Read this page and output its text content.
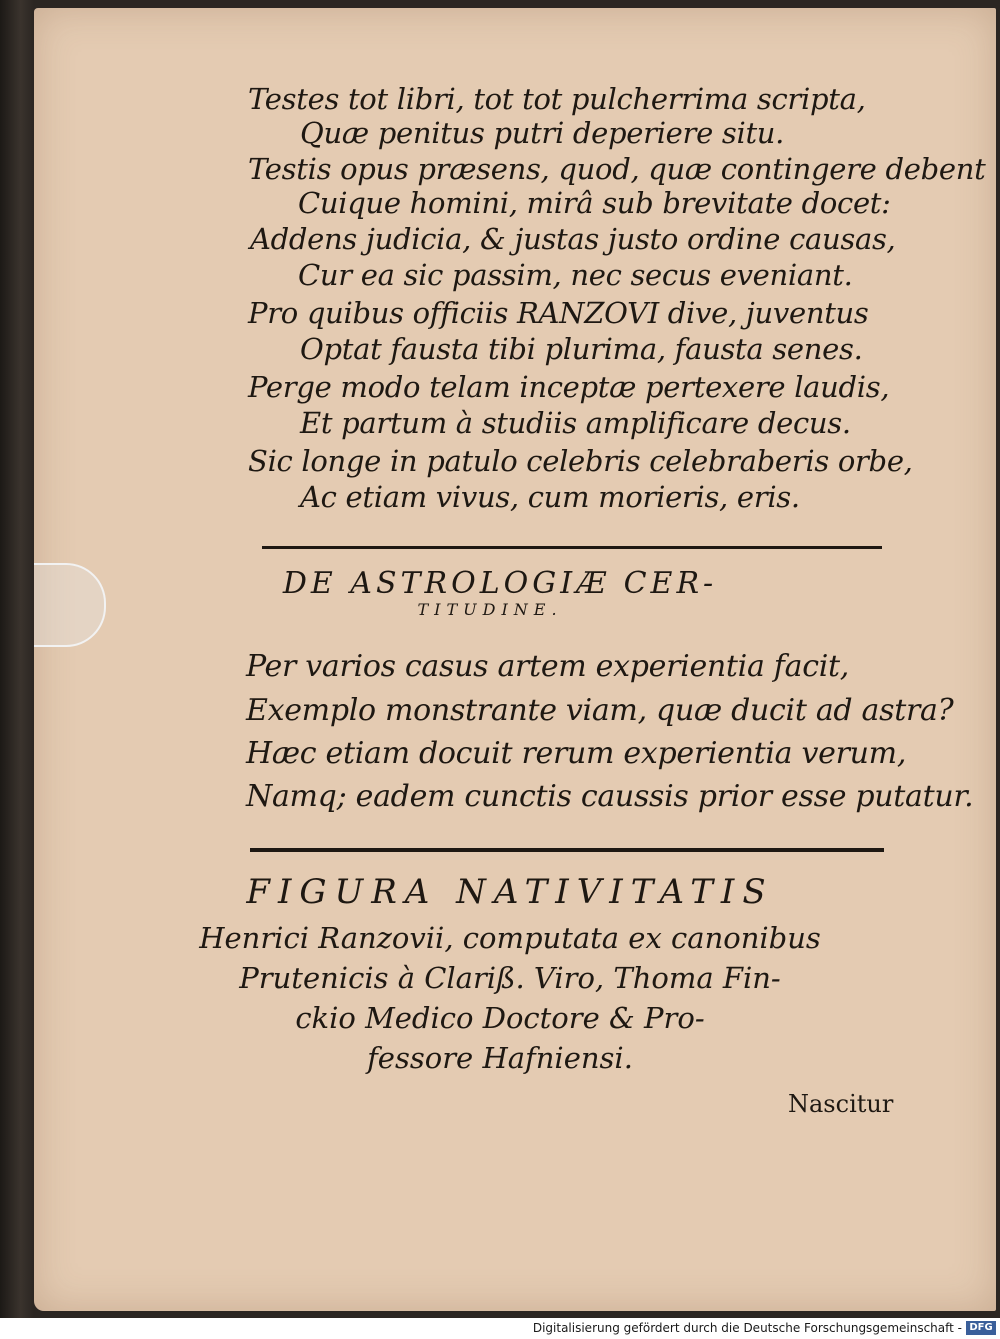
Testes tot libri, tot tot pulcherrima scripta,
Quæ penitus putri deperiere situ.
Testis opus præsens, quod, quæ contingere debent
Cuique homini, mirâ sub brevitate docet:
Addens judicia, & justas justo ordine causas,
Cur ea sic passim, nec secus eveniant.
Pro quibus officiis RANZOVI dive, juventus
Optat fausta tibi plurima, fausta senes.
Perge modo telam inceptæ pertexere laudis,
Et partum à studiis amplificare decus.
Sic longe in patulo celebris celebraberis orbe,
Ac etiam vivus, cum morieris, eris.
DE ASTROLOGIÆ CER-
TITUDINE.
Per varios casus artem experientia facit,
Exemplo monstrante viam, quæ ducit ad astra?
Hæc etiam docuit rerum experientia verum,
Namq; eadem cunctis caussis prior esse putatur.
FIGURA NATIVITATIS
Henrici Ranzovii, computata ex canonibus
Prutenicis à Clariß. Viro, Thoma Fin-
ckio Medico Doctore & Pro-
fessore Hafniensi.
Nascitur
Digitalisierung gefördert durch die Deutsche Forschungsgemeinschaft - DFG
